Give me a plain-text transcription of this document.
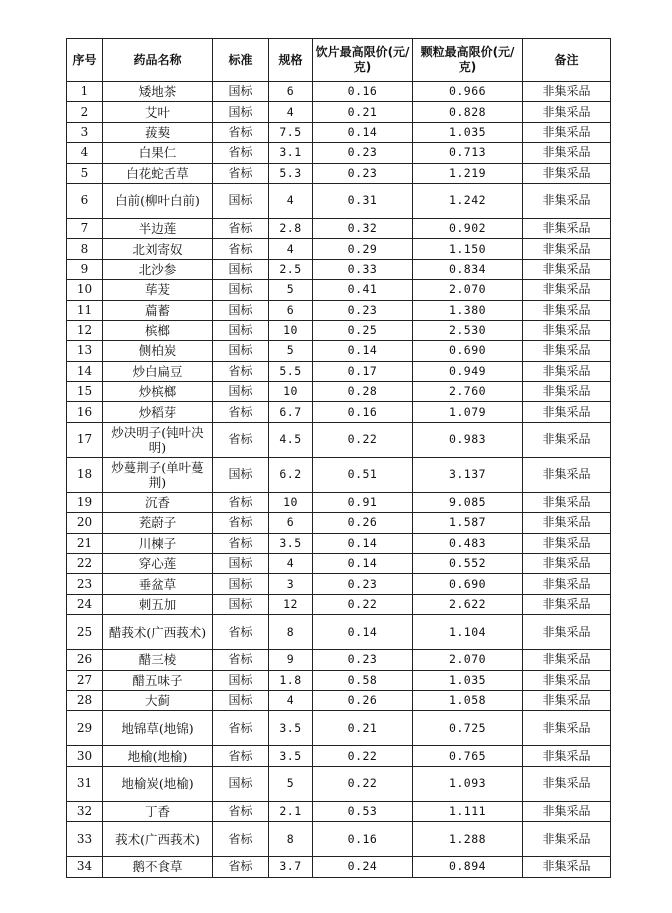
序号	药品名称	标准	规格	饮片最高限价(元/克)	颗粒最高限价(元/克)	备注
1	矮地茶	国标	6	0.16	0.966	非集采品
2	艾叶	国标	4	0.21	0.828	非集采品
3	菝葜	省标	7.5	0.14	1.035	非集采品
4	白果仁	省标	3.1	0.23	0.713	非集采品
5	白花蛇舌草	省标	5.3	0.23	1.219	非集采品
6	白前(柳叶白前)	国标	4	0.31	1.242	非集采品
7	半边莲	省标	2.8	0.32	0.902	非集采品
8	北刘寄奴	省标	4	0.29	1.150	非集采品
9	北沙参	国标	2.5	0.33	0.834	非集采品
10	荜茇	国标	5	0.41	2.070	非集采品
11	萹蓄	国标	6	0.23	1.380	非集采品
12	槟榔	国标	10	0.25	2.530	非集采品
13	侧柏炭	国标	5	0.14	0.690	非集采品
14	炒白扁豆	省标	5.5	0.17	0.949	非集采品
15	炒槟榔	国标	10	0.28	2.760	非集采品
16	炒稻芽	省标	6.7	0.16	1.079	非集采品
17	炒决明子(钝叶决明)	省标	4.5	0.22	0.983	非集采品
18	炒蔓荆子(单叶蔓荆)	国标	6.2	0.51	3.137	非集采品
19	沉香	省标	10	0.91	9.085	非集采品
20	茺蔚子	省标	6	0.26	1.587	非集采品
21	川楝子	省标	3.5	0.14	0.483	非集采品
22	穿心莲	国标	4	0.14	0.552	非集采品
23	垂盆草	国标	3	0.23	0.690	非集采品
24	刺五加	国标	12	0.22	2.622	非集采品
25	醋莪术(广西莪术)	省标	8	0.14	1.104	非集采品
26	醋三棱	省标	9	0.23	2.070	非集采品
27	醋五味子	国标	1.8	0.58	1.035	非集采品
28	大蓟	国标	4	0.26	1.058	非集采品
29	地锦草(地锦)	省标	3.5	0.21	0.725	非集采品
30	地榆(地榆)	省标	3.5	0.22	0.765	非集采品
31	地榆炭(地榆)	国标	5	0.22	1.093	非集采品
32	丁香	省标	2.1	0.53	1.111	非集采品
33	莪术(广西莪术)	省标	8	0.16	1.288	非集采品
34	鹅不食草	省标	3.7	0.24	0.894	非集采品
